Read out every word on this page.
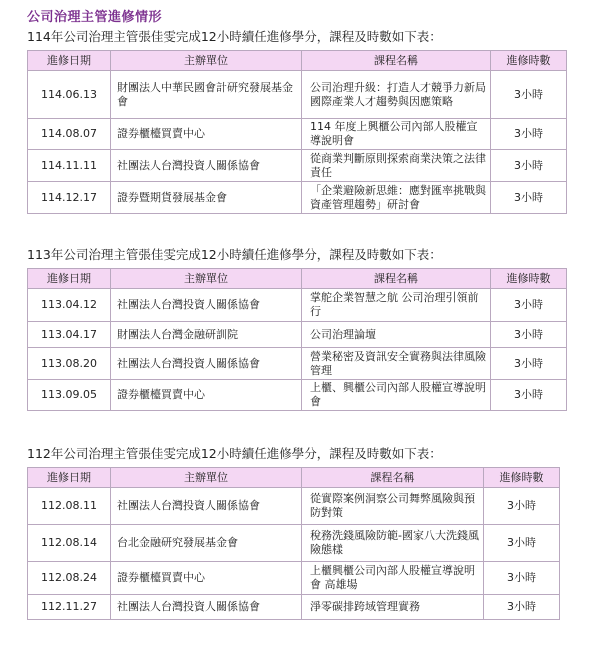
公司治理主管進修情形
114年公司治理主管張佳雯完成12小時續任進修學分，課程及時數如下表：
進修日期	主辦單位	課程名稱	進修時數
114.06.13	財團法人中華民國會計研究發展基金會	公司治理升級：打造人才競爭力新局 國際產業人才趨勢與因應策略	3小時
114.08.07	證券櫃檯買賣中心	114 年度上興櫃公司內部人股權宣導說明會	3小時
114.11.11	社團法人台灣投資人關係協會	從商業判斷原則探索商業決策之法律責任	3小時
114.12.17	證券暨期貨發展基金會	「企業避險新思維：應對匯率挑戰與資產管理趨勢」研討會	3小時
113年公司治理主管張佳雯完成12小時續任進修學分，課程及時數如下表：
進修日期	主辦單位	課程名稱	進修時數
113.04.12	社團法人台灣投資人關係協會	掌舵企業智慧之航 公司治理引領前行	3小時
113.04.17	財團法人台灣金融研訓院	公司治理論壇	3小時
113.08.20	社團法人台灣投資人關係協會	營業秘密及資訊安全實務與法律風險管理	3小時
113.09.05	證券櫃檯買賣中心	上櫃、興櫃公司內部人股權宣導說明會	3小時
112年公司治理主管張佳雯完成12小時續任進修學分，課程及時數如下表：
進修日期	主辦單位	課程名稱	進修時數
112.08.11	社團法人台灣投資人關係協會	從實際案例洞察公司舞弊風險與預防對策	3小時
112.08.14	台北金融研究發展基金會	稅務洗錢風險防範-國家八大洗錢風險態樣	3小時
112.08.24	證券櫃檯買賣中心	上櫃興櫃公司內部人股權宣導說明會 高雄場	3小時
112.11.27	社團法人台灣投資人關係協會	淨零碳排跨域管理實務	3小時
